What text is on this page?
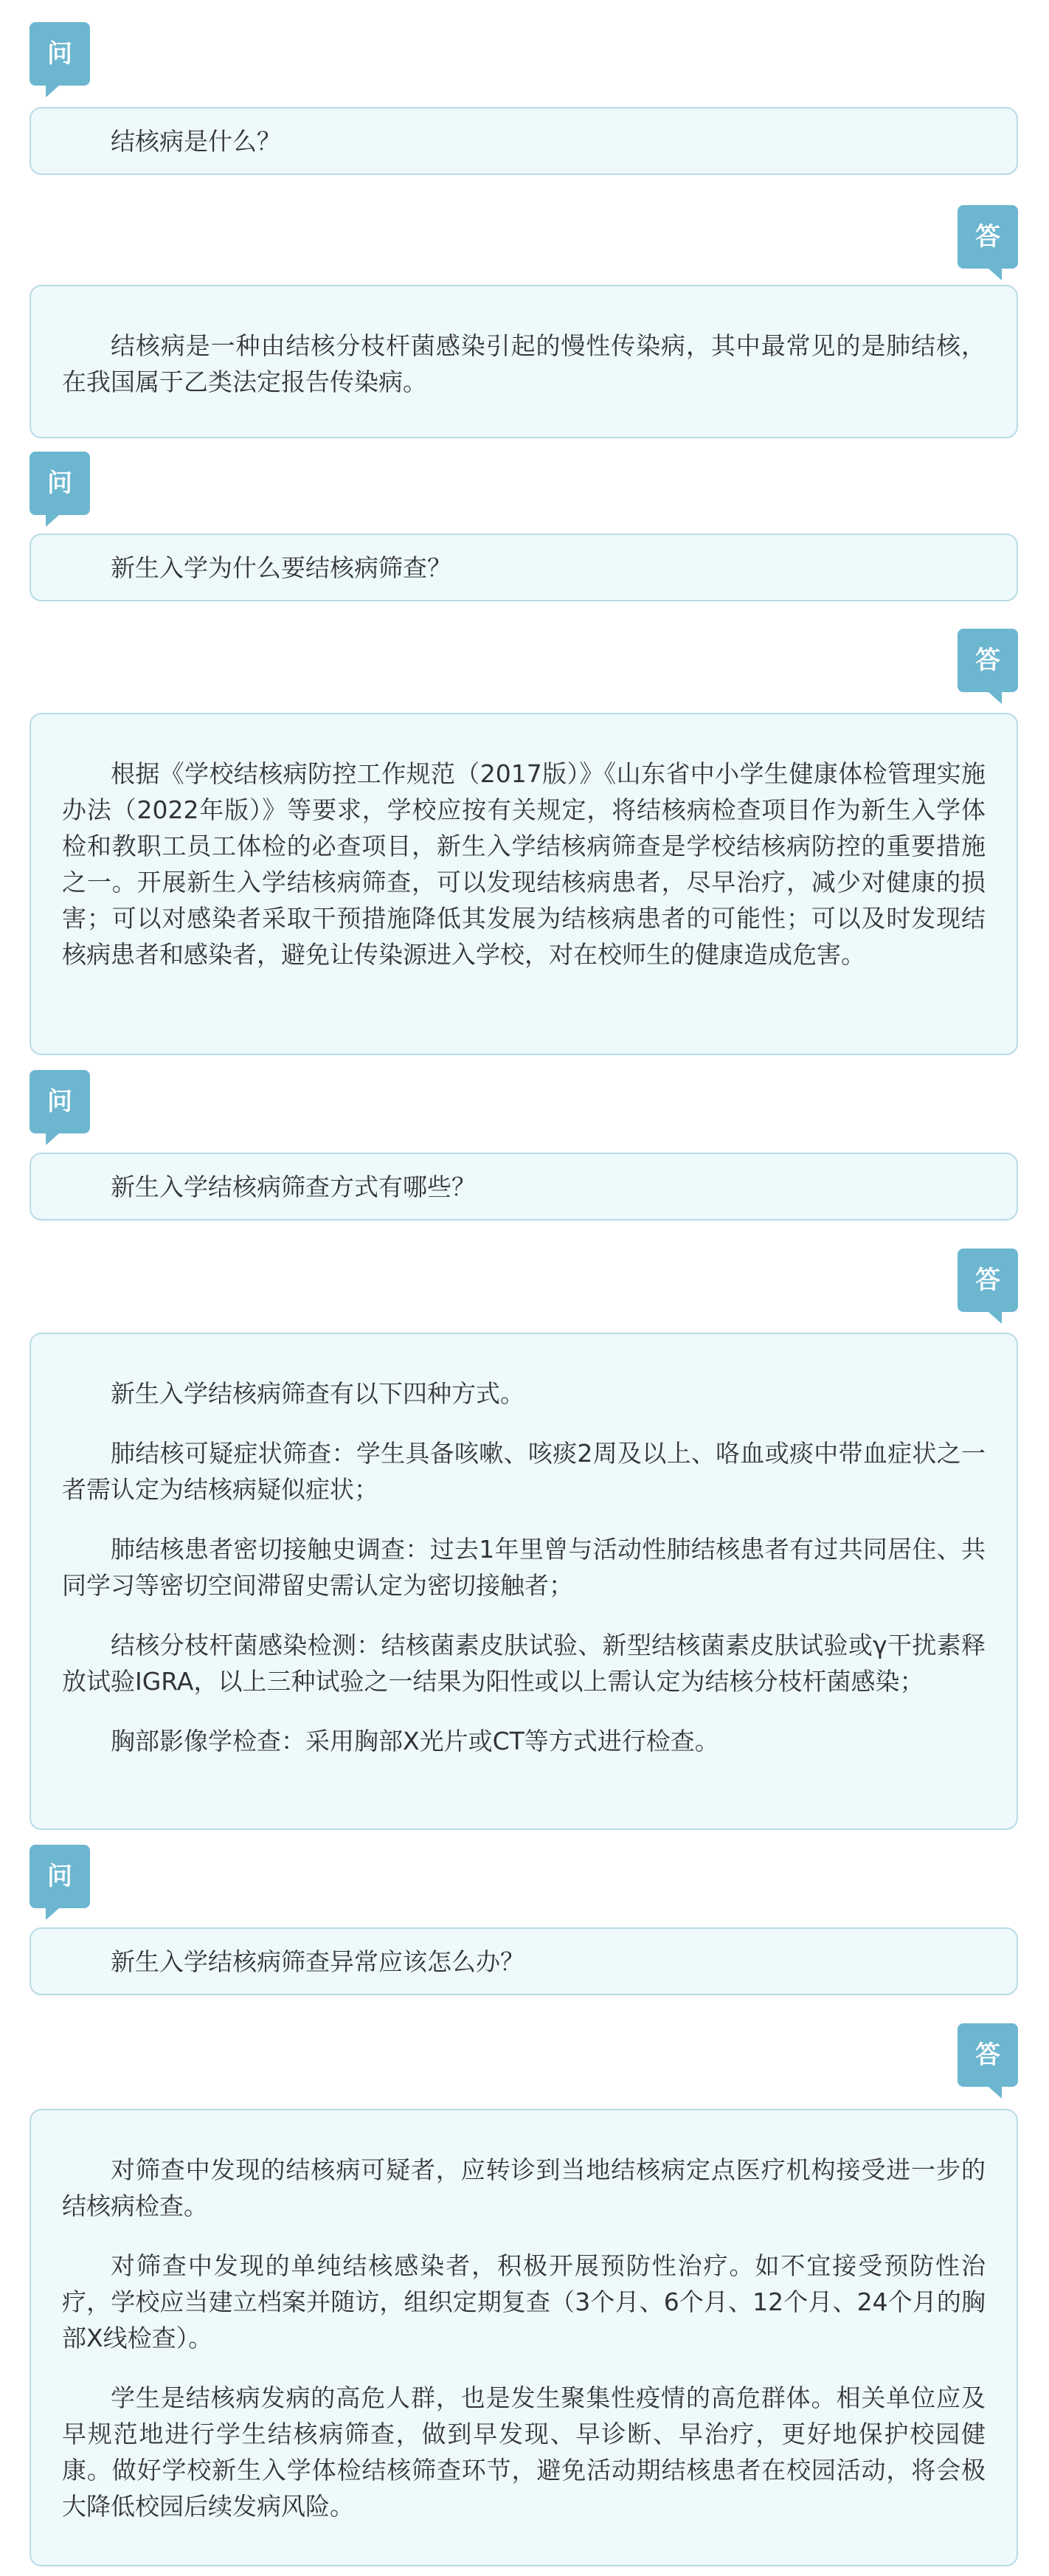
问

结核病是什么？

答

结核病是一种由结核分枝杆菌感染引起的慢性传染病，其中最常见的是肺结核，在我国属于乙类法定报告传染病。

问

新生入学为什么要结核病筛查？

答

根据《学校结核病防控工作规范（2017版）》《山东省中小学生健康体检管理实施办法（2022年版）》等要求，学校应按有关规定，将结核病检查项目作为新生入学体检和教职工员工体检的必查项目，新生入学结核病筛查是学校结核病防控的重要措施之一。开展新生入学结核病筛查，可以发现结核病患者，尽早治疗，减少对健康的损害；可以对感染者采取干预措施降低其发展为结核病患者的可能性；可以及时发现结核病患者和感染者，避免让传染源进入学校，对在校师生的健康造成危害。

问

新生入学结核病筛查方式有哪些？

答

新生入学结核病筛查有以下四种方式。

肺结核可疑症状筛查：学生具备咳嗽、咳痰2周及以上、咯血或痰中带血症状之一者需认定为结核病疑似症状；

肺结核患者密切接触史调查：过去1年里曾与活动性肺结核患者有过共同居住、共同学习等密切空间滞留史需认定为密切接触者；

结核分枝杆菌感染检测：结核菌素皮肤试验、新型结核菌素皮肤试验或γ干扰素释放试验IGRA，以上三种试验之一结果为阳性或以上需认定为结核分枝杆菌感染；

胸部影像学检查：采用胸部X光片或CT等方式进行检查。

问

新生入学结核病筛查异常应该怎么办？

答

对筛查中发现的结核病可疑者，应转诊到当地结核病定点医疗机构接受进一步的结核病检查。

对筛查中发现的单纯结核感染者，积极开展预防性治疗。如不宜接受预防性治疗，学校应当建立档案并随访，组织定期复查（3个月、6个月、12个月、24个月的胸部X线检查）。

学生是结核病发病的高危人群，也是发生聚集性疫情的高危群体。相关单位应及早规范地进行学生结核病筛查，做到早发现、早诊断、早治疗，更好地保护校园健康。做好学校新生入学体检结核筛查环节，避免活动期结核患者在校园活动，将会极大降低校园后续发病风险。
